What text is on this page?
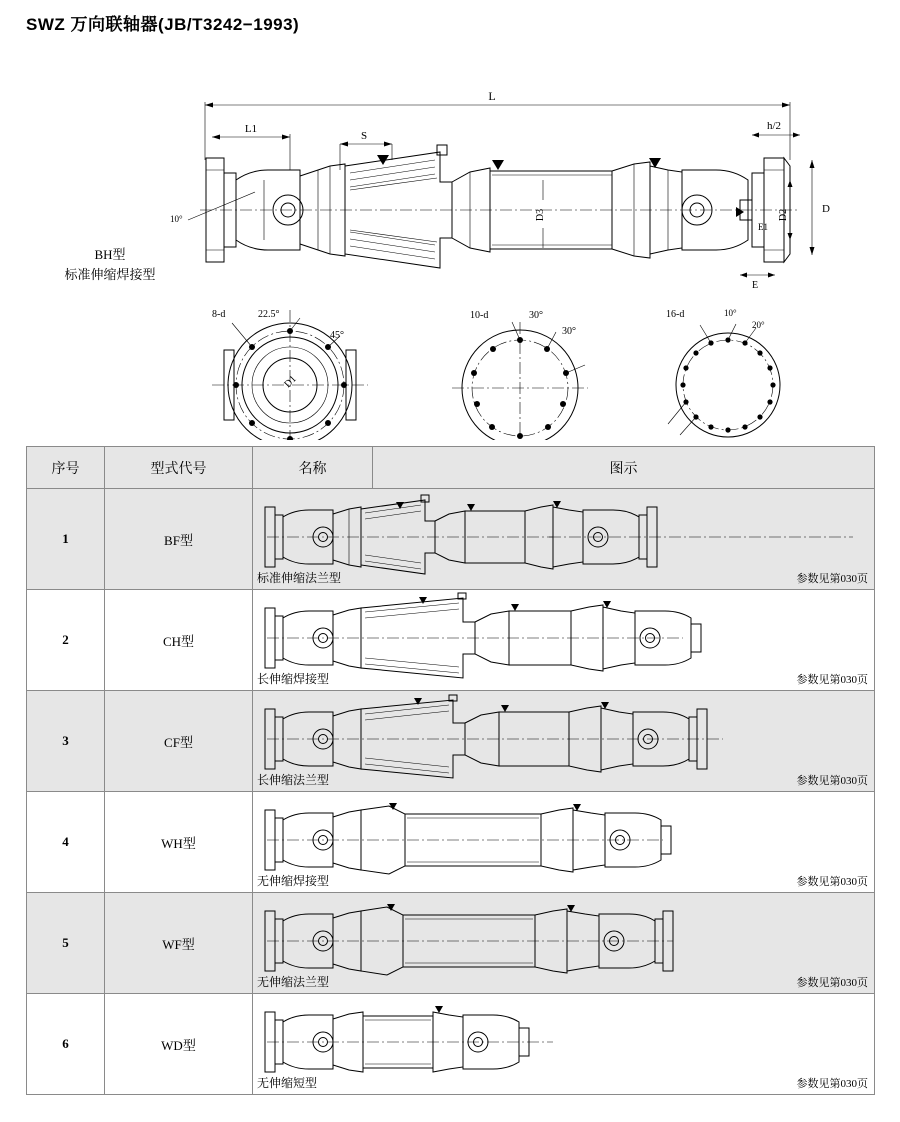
SWZ 万向联轴器(JB/T3242−1993)
BH型
标准伸缩焊接型
L
L1
S
h/2
D
D2
E1
E
D3
10°
8-d	22.5°
45°
D1
10-d	30°
30°
16-d	10°
20°
序号	型式代号	名称	图示
1	BF型	标准伸缩法兰型 参数见第030页	

2	CH型	长伸缩焊接型 参数见第030页	

3	CF型	长伸缩法兰型 参数见第030页	

4	WH型	无伸缩焊接型 参数见第030页	

5	WF型	无伸缩法兰型 参数见第030页	

6	WD型	无伸缩短型 参数见第030页	
